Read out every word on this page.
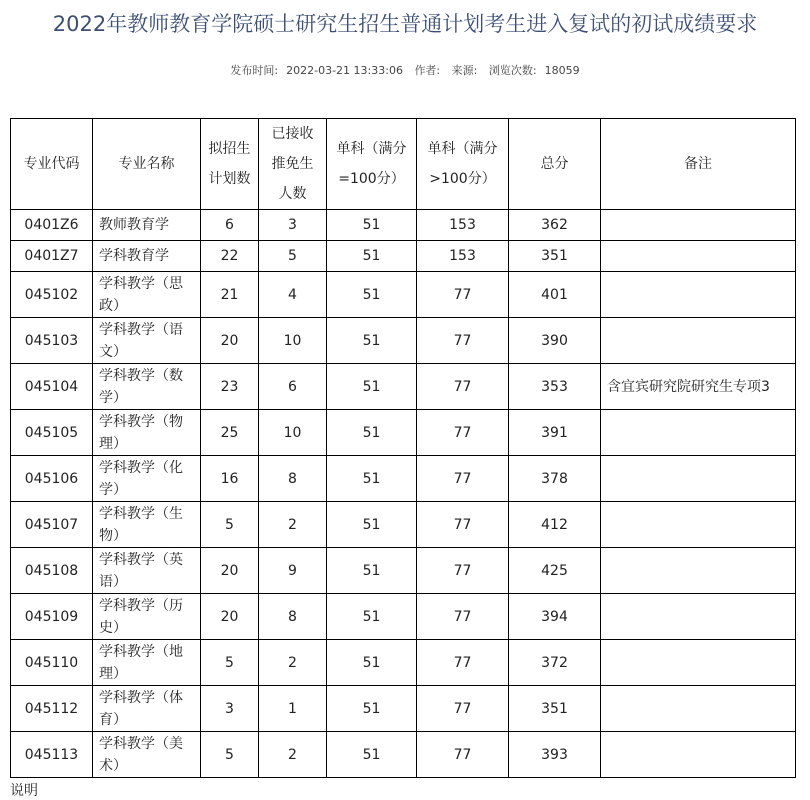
2022年教师教育学院硕士研究生招生普通计划考生进入复试的初试成绩要求
发布时间: 2022-03-21 13:33:06 作者: 来源: 浏览次数: 18059
专业代码	专业名称	拟招生计划数	已接收推免生人数	单科（满分=100分）	单科（满分>100分）	总分	备注
0401Z6	教师教育学	6	3	51	153	362	
0401Z7	学科教育学	22	5	51	153	351	
045102	学科教学（思政）	21	4	51	77	401	
045103	学科教学（语文）	20	10	51	77	390	
045104	学科教学（数学）	23	6	51	77	353	含宜宾研究院研究生专项3
045105	学科教学（物理）	25	10	51	77	391	
045106	学科教学（化学）	16	8	51	77	378	
045107	学科教学（生物）	5	2	51	77	412	
045108	学科教学（英语）	20	9	51	77	425	
045109	学科教学（历史）	20	8	51	77	394	
045110	学科教学（地理）	5	2	51	77	372	
045112	学科教学（体育）	3	1	51	77	351	
045113	学科教学（美术）	5	2	51	77	393	
说明
